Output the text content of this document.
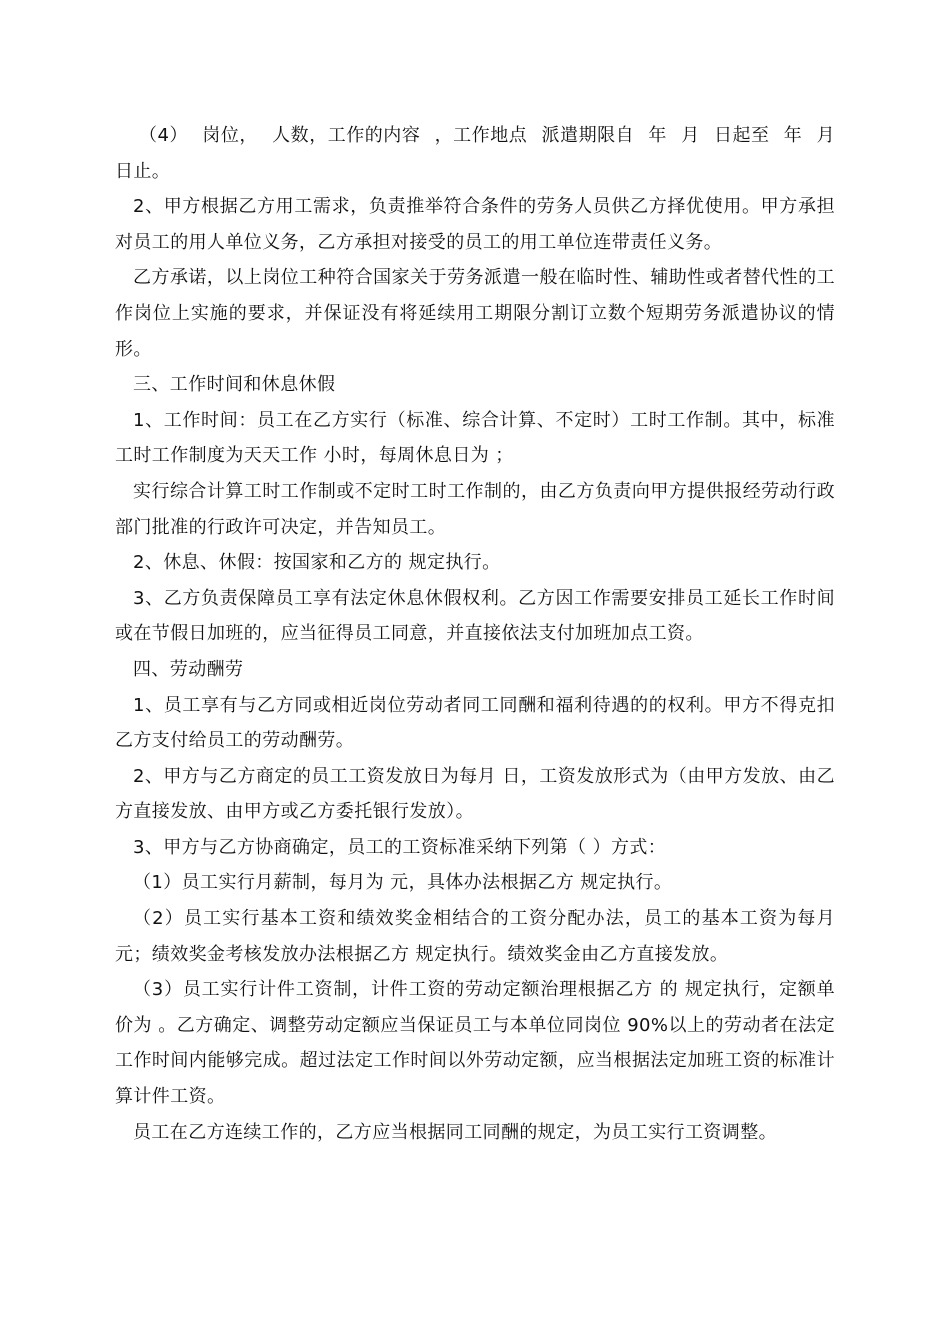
（4） 岗位， 人数，工作的内容 ，工作地点 派遣期限自 年 月 日起至 年 月 日止。

2、甲方根据乙方用工需求，负责推举符合条件的劳务人员供乙方择优使用。甲方承担对员工的用人单位义务，乙方承担对接受的员工的用工单位连带责任义务。

乙方承诺，以上岗位工种符合国家关于劳务派遣一般在临时性、辅助性或者替代性的工作岗位上实施的要求，并保证没有将延续用工期限分割订立数个短期劳务派遣协议的情形。

三、工作时间和休息休假

1、工作时间：员工在乙方实行（标准、综合计算、不定时）工时工作制。其中，标准工时工作制度为天天工作 小时，每周休息日为 ；

实行综合计算工时工作制或不定时工时工作制的，由乙方负责向甲方提供报经劳动行政部门批准的行政许可决定，并告知员工。

2、休息、休假：按国家和乙方的 规定执行。

3、乙方负责保障员工享有法定休息休假权利。乙方因工作需要安排员工延长工作时间或在节假日加班的，应当征得员工同意，并直接依法支付加班加点工资。

四、劳动酬劳

1、员工享有与乙方同或相近岗位劳动者同工同酬和福利待遇的的权利。甲方不得克扣乙方支付给员工的劳动酬劳。

2、甲方与乙方商定的员工工资发放日为每月 日，工资发放形式为（由甲方发放、由乙方直接发放、由甲方或乙方委托银行发放）。

3、甲方与乙方协商确定，员工的工资标准采纳下列第（ ）方式：

（1）员工实行月薪制，每月为 元，具体办法根据乙方 规定执行。

（2）员工实行基本工资和绩效奖金相结合的工资分配办法，员工的基本工资为每月 元；绩效奖金考核发放办法根据乙方 规定执行。绩效奖金由乙方直接发放。

（3）员工实行计件工资制，计件工资的劳动定额治理根据乙方 的 规定执行，定额单价为 。乙方确定、调整劳动定额应当保证员工与本单位同岗位 90%以上的劳动者在法定工作时间内能够完成。超过法定工作时间以外劳动定额，应当根据法定加班工资的标准计算计件工资。

员工在乙方连续工作的，乙方应当根据同工同酬的规定，为员工实行工资调整。
